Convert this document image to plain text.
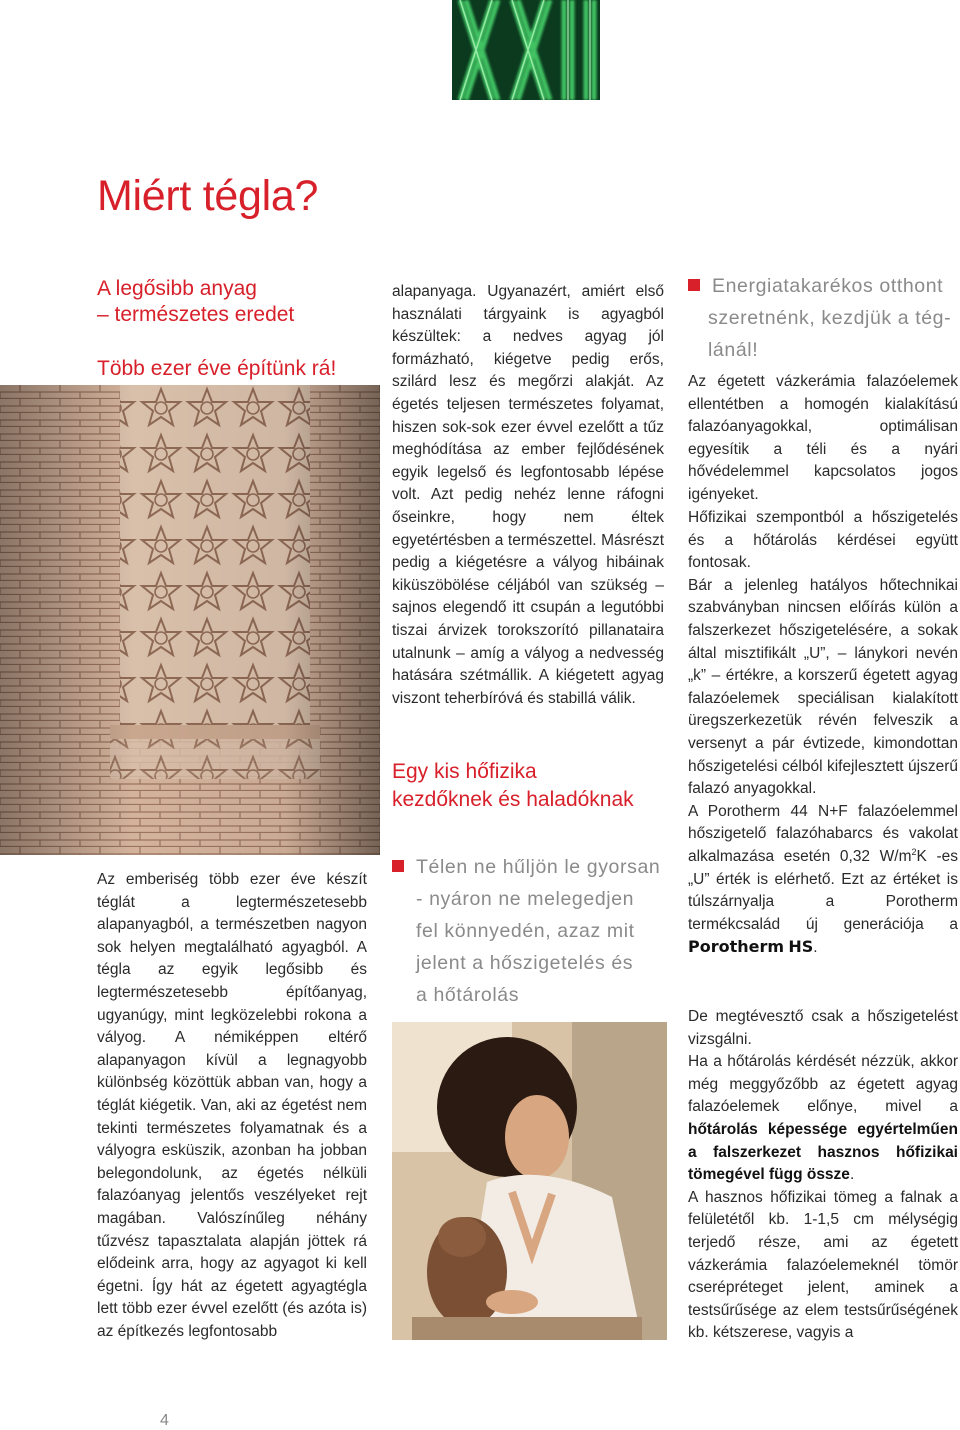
Miért tégla?
A legősibb anyag
– természetes eredet
Több ezer éve építünk rá!

Az emberiség több ezer éve készít téglát a legtermészetesebb alapanyagból, a természetben nagyon sok helyen megtalálható agyagból. A tégla az egyik legősibb és legtermészetesebb építőanyag, ugyanúgy, mint legközelebbi rokona a vályog. A némiképpen eltérő alapanyagon kívül a legnagyobb különbség közöttük abban van, hogy a téglát kiégetik. Van, aki az égetést nem tekinti természetes folyamatnak és a vályogra esküszik, azonban ha jobban belegondolunk, az égetés nélküli falazóanyag jelentős veszélyeket rejt magában. Valószínűleg néhány tűzvész tapasztalata alapján jöttek rá elődeink arra, hogy az agyagot ki kell égetni. Így hát az égetett agyagtégla lett több ezer évvel ezelőtt (és azóta is) az építkezés legfontosabb

alapanyaga. Ugyanazért, amiért első használati tárgyaink is agyagból készültek: a nedves agyag jól formázható, kiégetve pedig erős, szilárd lesz és megőrzi alakját. Az égetés teljesen természetes folyamat, hiszen sok-sok ezer évvel ezelőtt a tűz meghódítása az ember fejlődésének egyik legelső és legfontosabb lépése volt. Azt pedig nehéz lenne ráfogni őseinkre, hogy nem éltek egyetértésben a természettel. Másrészt pedig a kiégetésre a vályog hibáinak kiküszöbölése céljából van szükség – sajnos elegendő itt csupán a legutóbbi tiszai árvizek torokszorító pillanataira utalnunk – amíg a vályog a nedvesség hatására szétmállik. A kiégetett agyag viszont teherbíróvá és stabillá válik.

Egy kis hőfizika
kezdőknek és haladóknak
Télen ne hűljön le gyorsan
- nyáron ne melegedjen
fel könnyedén, azaz mit
jelent a hőszigetelés és
a hőtárolás
Energiatakarékos otthont
szeretnénk, kezdjük a tég-
lánál!

Az égetett vázkerámia falazóelemek ellentétben a homogén kialakítású falazóanyagokkal, optimálisan egyesítik a téli és a nyári hővédelemmel kapcsolatos jogos igényeket.

Hőfizikai szempontból a hőszigetelés és a hőtárolás kérdései együtt fontosak.

Bár a jelenleg hatályos hőtechnikai szabványban nincsen előírás külön a falszerkezet hőszigetelésére, a sokak által misztifikált „U”, – lánykori nevén „k” – értékre, a korszerű égetett agyag falazóelemek speciálisan kialakított üregszerkezetük révén felveszik a versenyt a pár évtizede, kimondottan hőszigetelési célból kifejlesztett újszerű falazó anyagokkal.

A Porotherm 44 N+F falazóelemmel hőszigetelő falazóhabarcs és vakolat alkalmazása esetén 0,32 $W/m^2K$ -es „U” érték is elérhető. Ezt az értéket is túlszárnyalja a Porotherm termékcsalád új generációja a Porotherm HS.

De megtévesztő csak a hőszigetelést vizsgálni.

Ha a hőtárolás kérdését nézzük, akkor még meggyőzőbb az égetett agyag falazóelemek előnye, mivel a hőtárolás képessége egyértelműen a falszerkezet hasznos hőfizikai tömegével függ össze.

A hasznos hőfizikai tömeg a falnak a felületétől kb. 1-1,5 cm mélységig terjedő része, ami az égetett vázkerámia falazóelemeknél tömör cserépréteget jelent, aminek a testsűrűsége az elem testsűrűségének kb. kétszerese, vagyis a

4
